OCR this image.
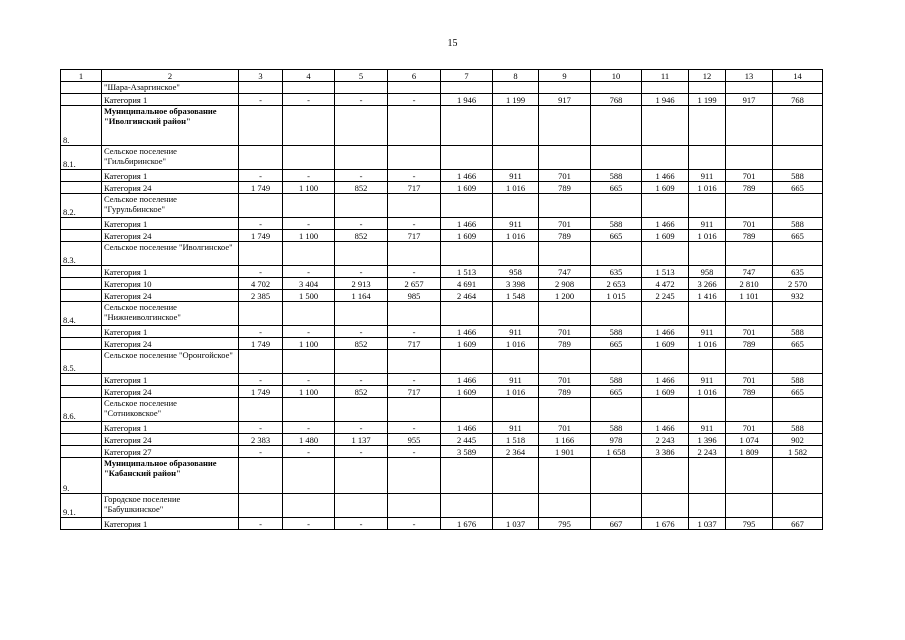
15
1	2	3	4	5	6	7	8	9	10	11	12	13	14
	"Шара-Азаргинское"												
	Категория 1	-	-	-	-	1 946	1 199	917	768	1 946	1 199	917	768
8.	Муниципальное образование "Иволгинский район"												
8.1.	Сельское поселение "Гильбиринское"												
	Категория 1	-	-	-	-	1 466	911	701	588	1 466	911	701	588
	Категория 24	1 749	1 100	852	717	1 609	1 016	789	665	1 609	1 016	789	665
8.2.	Сельское поселение "Гурульбинское"												
	Категория 1	-	-	-	-	1 466	911	701	588	1 466	911	701	588
	Категория 24	1 749	1 100	852	717	1 609	1 016	789	665	1 609	1 016	789	665
8.3.	Сельское поселение "Иволгинское"												
	Категория 1	-	-	-	-	1 513	958	747	635	1 513	958	747	635
	Категория 10	4 702	3 404	2 913	2 657	4 691	3 398	2 908	2 653	4 472	3 266	2 810	2 570
	Категория 24	2 385	1 500	1 164	985	2 464	1 548	1 200	1 015	2 245	1 416	1 101	932
8.4.	Сельское поселение "Нижнеиволгинское"												
	Категория 1	-	-	-	-	1 466	911	701	588	1 466	911	701	588
	Категория 24	1 749	1 100	852	717	1 609	1 016	789	665	1 609	1 016	789	665
8.5.	Сельское поселение "Оронгойское"												
	Категория 1	-	-	-	-	1 466	911	701	588	1 466	911	701	588
	Категория 24	1 749	1 100	852	717	1 609	1 016	789	665	1 609	1 016	789	665
8.6.	Сельское поселение "Сотниковское"												
	Категория 1	-	-	-	-	1 466	911	701	588	1 466	911	701	588
	Категория 24	2 383	1 480	1 137	955	2 445	1 518	1 166	978	2 243	1 396	1 074	902
	Категория 27	-	-	-	-	3 589	2 364	1 901	1 658	3 386	2 243	1 809	1 582
9.	Муниципальное образование "Кабанский район"												
9.1.	Городское поселение "Бабушкинское"												
	Категория 1	-	-	-	-	1 676	1 037	795	667	1 676	1 037	795	667
